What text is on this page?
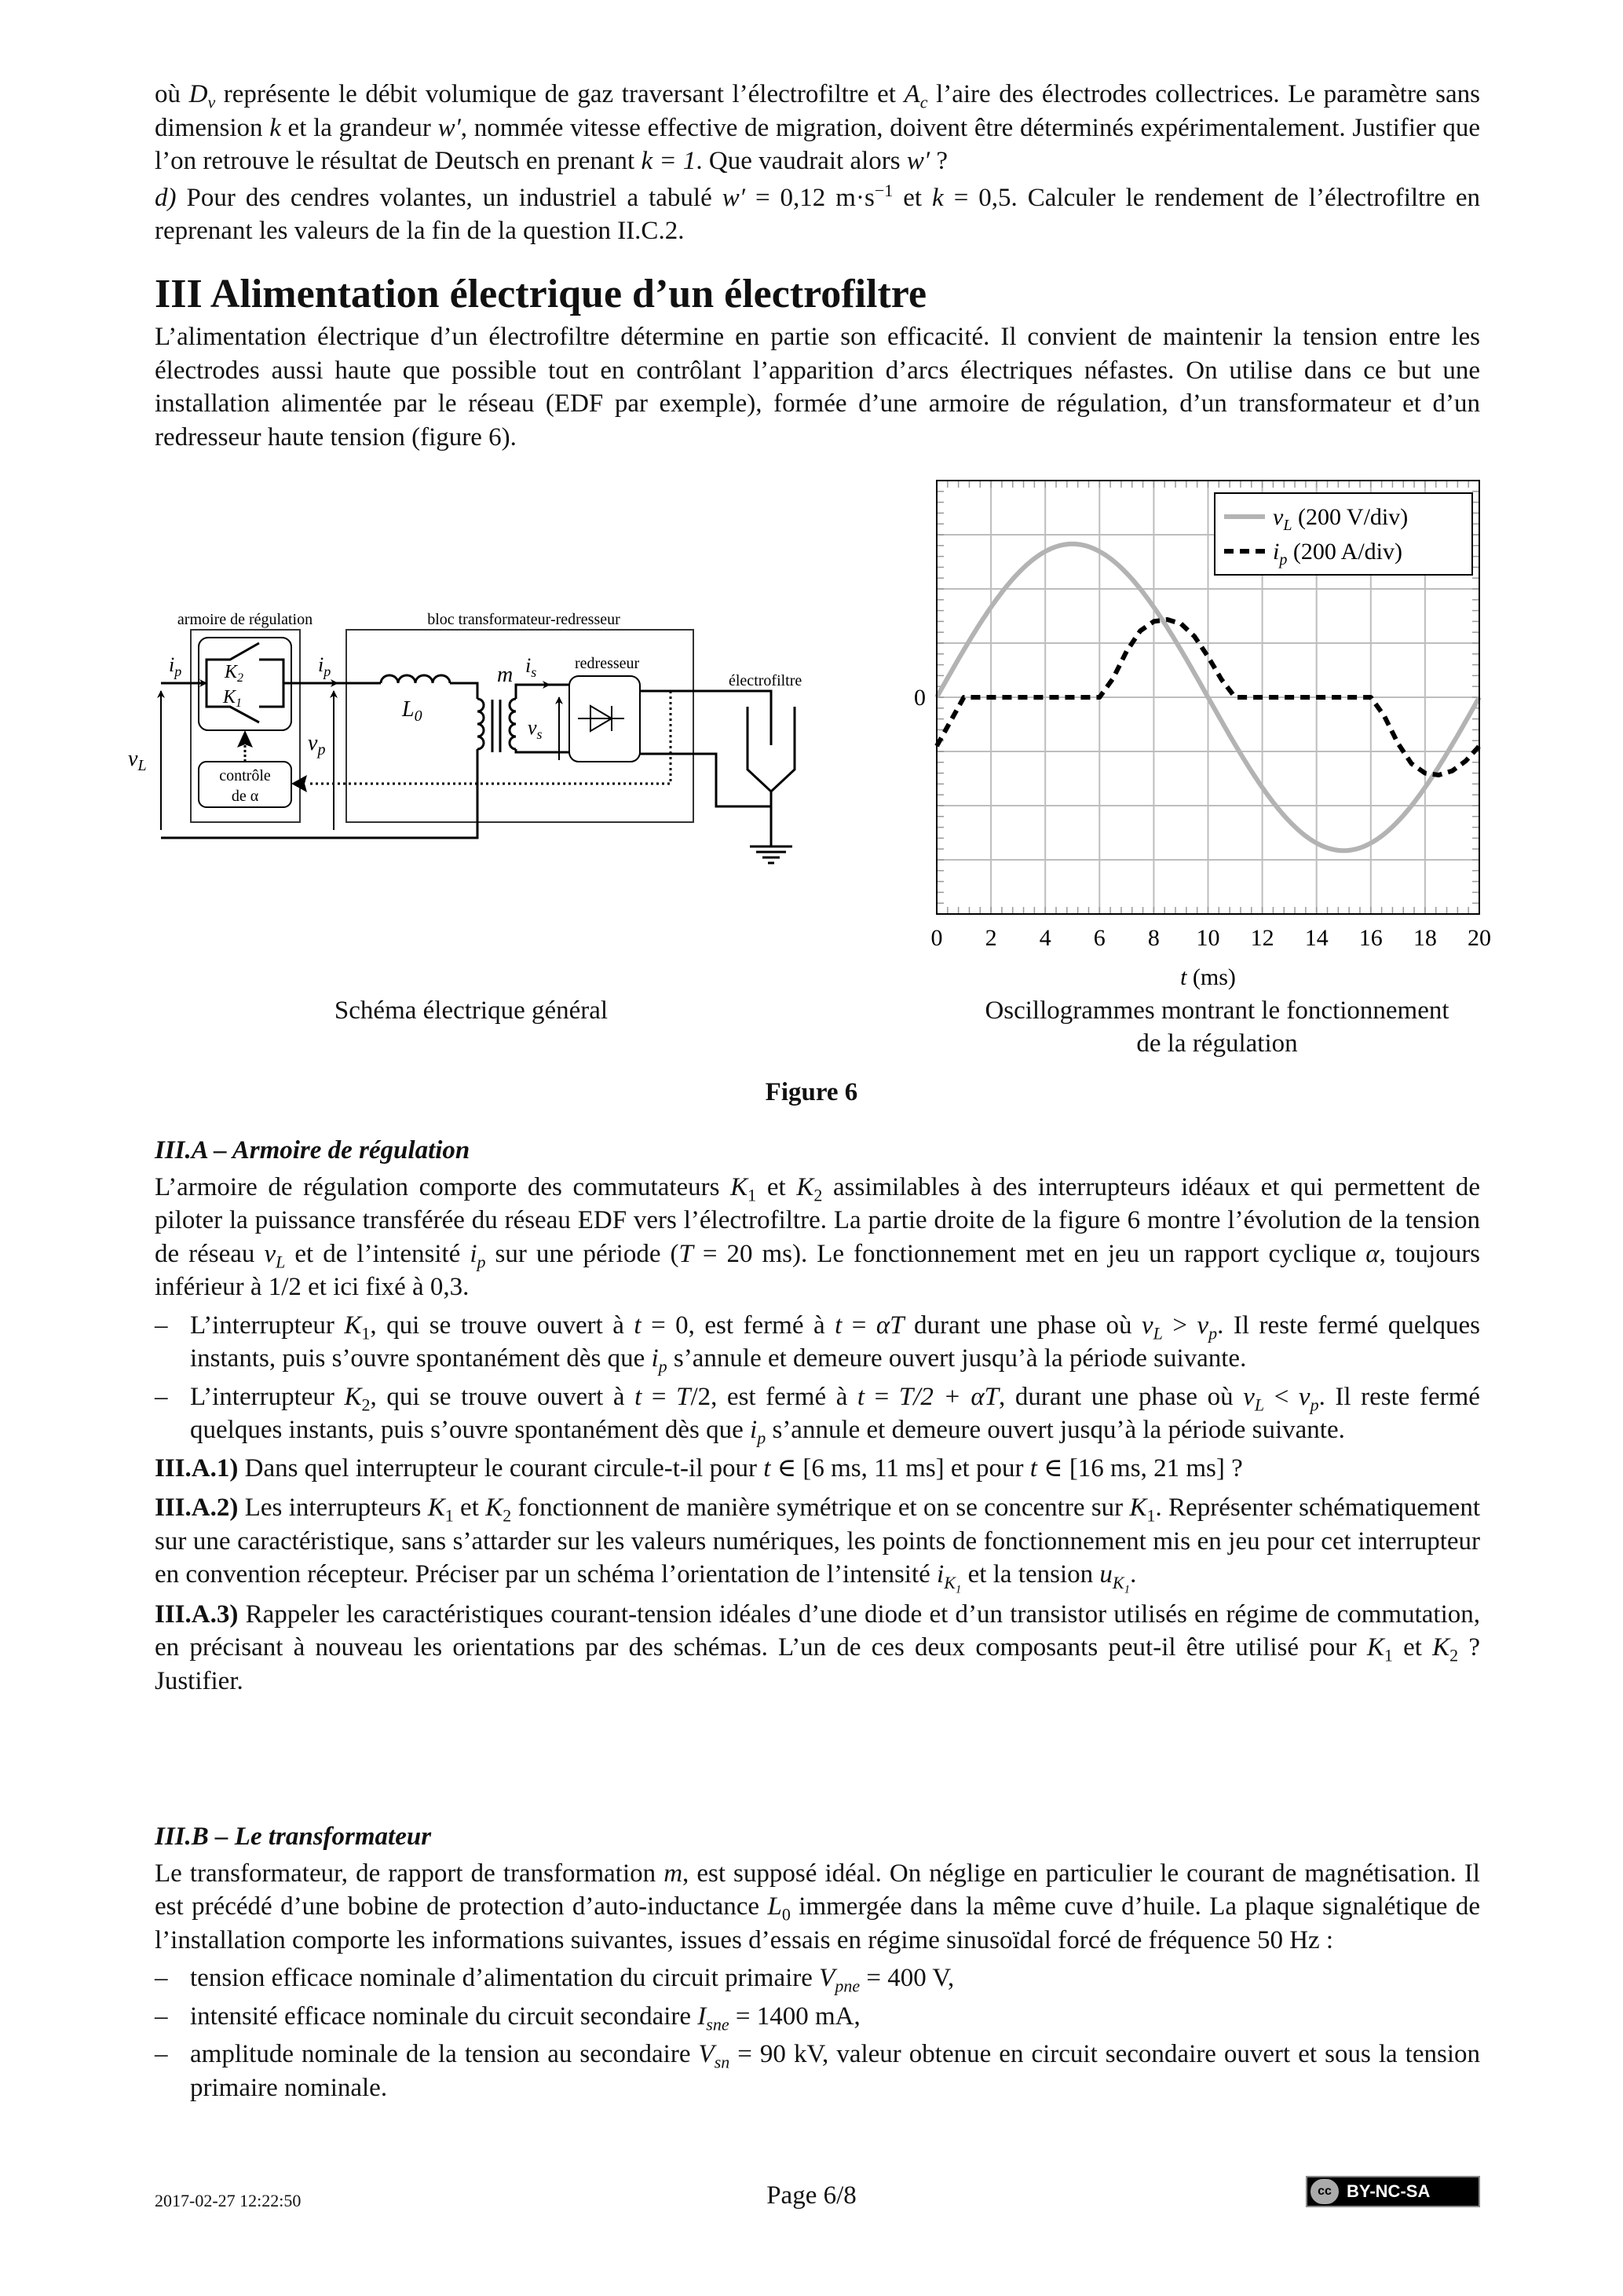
où $D_v$ représente le débit volumique de gaz traversant l’électrofiltre et $A_c$ l’aire des électrodes collectrices. Le paramètre sans dimension k et la grandeur w′, nommée vitesse effective de migration, doivent être déterminés expérimentalement. Justifier que l’on retrouve le résultat de Deutsch en prenant k = 1. Que vaudrait alors w′ ?

d) Pour des cendres volantes, un industriel a tabulé w′ = 0,12 $m\cdot s^{-1}$ et k = 0,5. Calculer le rendement de l’électrofiltre en reprenant les valeurs de la fin de la question II.C.2.

III Alimentation électrique d’un électrofiltre

L’alimentation électrique d’un électrofiltre détermine en partie son efficacité. Il convient de maintenir la tension entre les électrodes aussi haute que possible tout en contrôlant l’apparition d’arcs électriques néfastes. On utilise dans ce but une installation alimentée par le réseau (EDF par exemple), formée d’une armoire de régulation, d’un transformateur et d’un redresseur haute tension (figure 6).

armoire de régulation	bloc transformateur-redresseur
contrôle
de α
$K_2$
$K_1$
$i_p$	$i_p$
$L_0$
m $i_s$
$v_s$
redresseur
électrofiltre
$v_L$
$v_p$
Schéma électrique général
0 2 4 6 8 10 12 14 16 18 20
0
t (ms)
$v_L$ (200 V/div)
$i_p$ (200 A/div)
Oscillogrammes montrant le fonctionnement
de la régulation
Figure 6

III.A – Armoire de régulation

L’armoire de régulation comporte des commutateurs $K_1$ et $K_2$ assimilables à des interrupteurs idéaux et qui permettent de piloter la puissance transférée du réseau EDF vers l’électrofiltre. La partie droite de la figure 6 montre l’évolution de la tension de réseau $v_L$ et de l’intensité $i_p$ sur une période (T = 20 ms). Le fonctionnement met en jeu un rapport cyclique α, toujours inférieur à 1/2 et ici fixé à 0,3.

– L’interrupteur $K_1$, qui se trouve ouvert à t = 0, est fermé à t = αT durant une phase où $v_L > v_p$. Il reste fermé quelques instants, puis s’ouvre spontanément dès que $i_p$ s’annule et demeure ouvert jusqu’à la période suivante.
– L’interrupteur $K_2$, qui se trouve ouvert à t = T/2, est fermé à t = T/2 + αT, durant une phase où $v_L < v_p$. Il reste fermé quelques instants, puis s’ouvre spontanément dès que $i_p$ s’annule et demeure ouvert jusqu’à la période suivante.

III.A.1) Dans quel interrupteur le courant circule-t-il pour t ∈ [6 ms, 11 ms] et pour t ∈ [16 ms, 21 ms] ?

III.A.2) Les interrupteurs $K_1$ et $K_2$ fonctionnent de manière symétrique et on se concentre sur $K_1$. Représenter schématiquement sur une caractéristique, sans s’attarder sur les valeurs numériques, les points de fonctionnement mis en jeu pour cet interrupteur en convention récepteur. Préciser par un schéma l’orientation de l’intensité $i_{K_1}$ et la tension $u_{K_1}$.

III.A.3) Rappeler les caractéristiques courant-tension idéales d’une diode et d’un transistor utilisés en régime de commutation, en précisant à nouveau les orientations par des schémas. L’un de ces deux composants peut-il être utilisé pour $K_1$ et $K_2$ ? Justifier.

III.B – Le transformateur

Le transformateur, de rapport de transformation m, est supposé idéal. On néglige en particulier le courant de magnétisation. Il est précédé d’une bobine de protection d’auto-inductance $L_0$ immergée dans la même cuve d’huile. La plaque signalétique de l’installation comporte les informations suivantes, issues d’essais en régime sinusoïdal forcé de fréquence 50 Hz :

– tension efficace nominale d’alimentation du circuit primaire $V_{pne} = 400$ V,
– intensité efficace nominale du circuit secondaire $I_{sne} = 1400$ mA,
– amplitude nominale de la tension au secondaire $V_{sn} = 90$ kV, valeur obtenue en circuit secondaire ouvert et sous la tension primaire nominale.
2017-02-27 12:22:50	Page 6/8	cc BY-NC-SA
